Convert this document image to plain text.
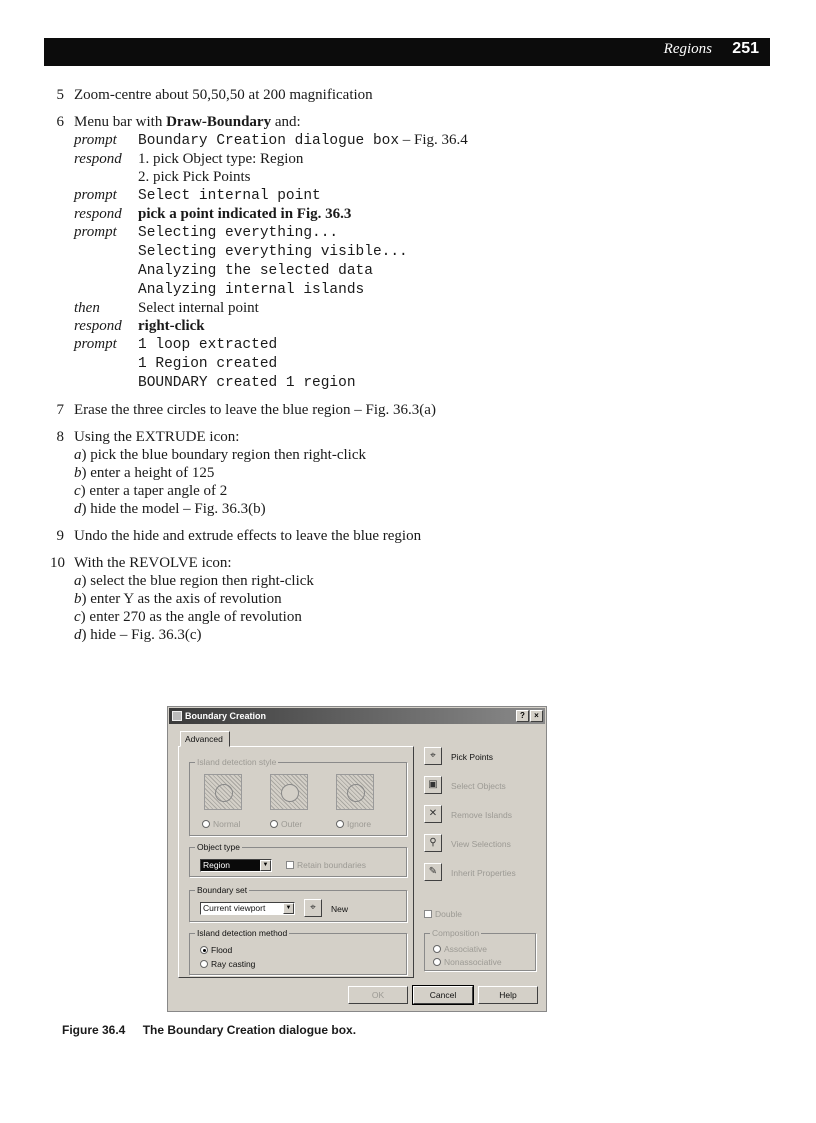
Regions 251
5 Zoom-centre about 50,50,50 at 200 magnification
6 Menu bar with Draw-Boundary and:
prompt Boundary Creation dialogue box – Fig. 36.4
respond 1. pick Object type: Region
2. pick Pick Points
prompt Select internal point
respond pick a point indicated in Fig. 36.3
prompt Selecting everything...
Selecting everything visible...
Analyzing the selected data
Analyzing internal islands
then	Select internal point
respond right-click
prompt 1 loop extracted
1 Region created
BOUNDARY created 1 region
7 Erase the three circles to leave the blue region – Fig. 36.3(a)
8 Using the EXTRUDE icon:
a) pick the blue boundary region then right-click
b) enter a height of 125
c) enter a taper angle of 2
d) hide the model – Fig. 36.3(b)
9 Undo the hide and extrude effects to leave the blue region
10 With the REVOLVE icon:
a) select the blue region then right-click
b) enter Y as the axis of revolution
c) enter 270 as the angle of revolution
d) hide – Fig. 36.3(c)
Boundary Creation	?	×
Advanced
Island detection style
Normal	Outer	Ignore
Object type
Region	▼	Retain boundaries
Boundary set
Current viewport	▼	⌖	New
Island detection method
Flood
Ray casting
⌖	Pick Points
▣	Select Objects
✕	Remove Islands
⚲	View Selections
✎	Inherit Properties
Double
Composition
Associative
Nonassociative
OK	Cancel	Help
Figure 36.4 The Boundary Creation dialogue box.
